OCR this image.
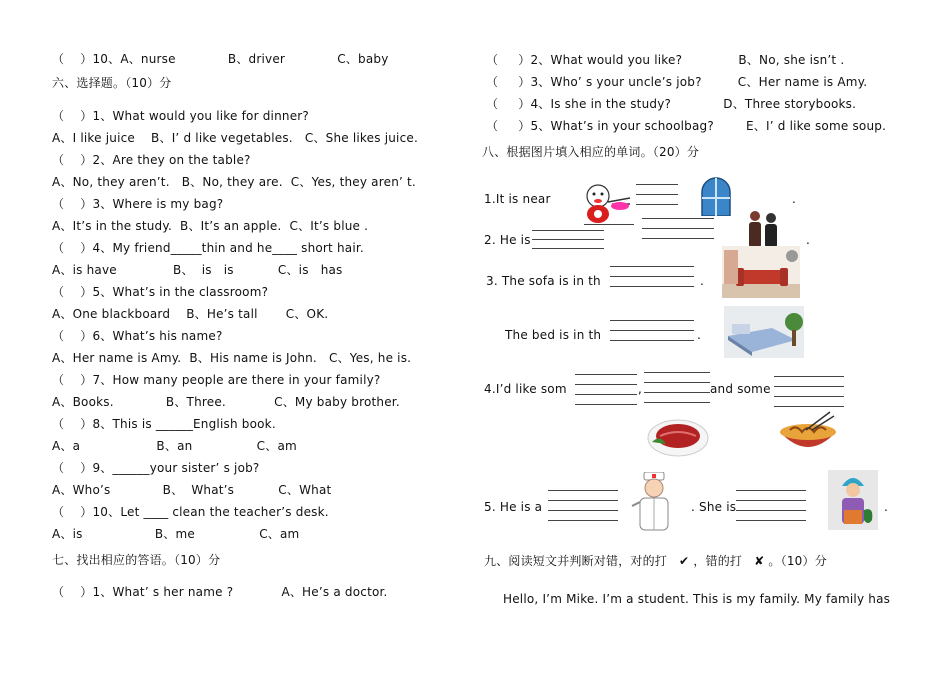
（    ）10、A、nurse             B、driver             C、baby
六、选择题。（10）分
（    ）1、What would you like for dinner?
A、I like juice    B、I’ d like vegetables.   C、She likes juice.
（    ）2、Are they on the table?
A、No, they aren’t.   B、No, they are.  C、Yes, they aren’ t.
（    ）3、Where is my bag?
A、It’s in the study.  B、It’s an apple.  C、It’s blue .
（    ）4、My friend_____thin and he____ short hair.
A、is have              B、  is   is           C、is   has
（    ）5、What’s in the classroom?
A、One blackboard    B、He’s tall       C、OK.
（    ）6、What’s his name?
A、Her name is Amy.  B、His name is John.   C、Yes, he is.
（    ）7、How many people are there in your family?
A、Books.             B、Three.            C、My baby brother.
（    ）8、This is ______English book.
A、a                   B、an                C、am
（    ）9、______your sister’ s job?
A、Who’s             B、  What’s           C、What
（    ）10、Let ____ clean the teacher’s desk.
A、is                  B、me                C、am
七、找出相应的答语。（10）分
（    ）1、What’ s her name ?            A、He’s a doctor.
（     ）2、What would you like?              B、No, she isn’t .
（     ）3、Who’ s your uncle’s job?         C、Her name is Amy.
（     ）4、Is she in the study?             D、Three storybooks.
（     ）5、What’s in your schoolbag?        E、I’ d like some soup.
八、根据图片填入相应的单词。（20）分
1.It is near	.
2. He is	.
3. The sofa is in th	.
The bed is in th	.
4.I’d like som	,	and some
5. He is a	. She is	.
九、阅读短文并判断对错，对的打   ✔ ，错的打   ✘ 。（10）分
Hello, I’m Mike. I’m a student. This is my family. My family has
